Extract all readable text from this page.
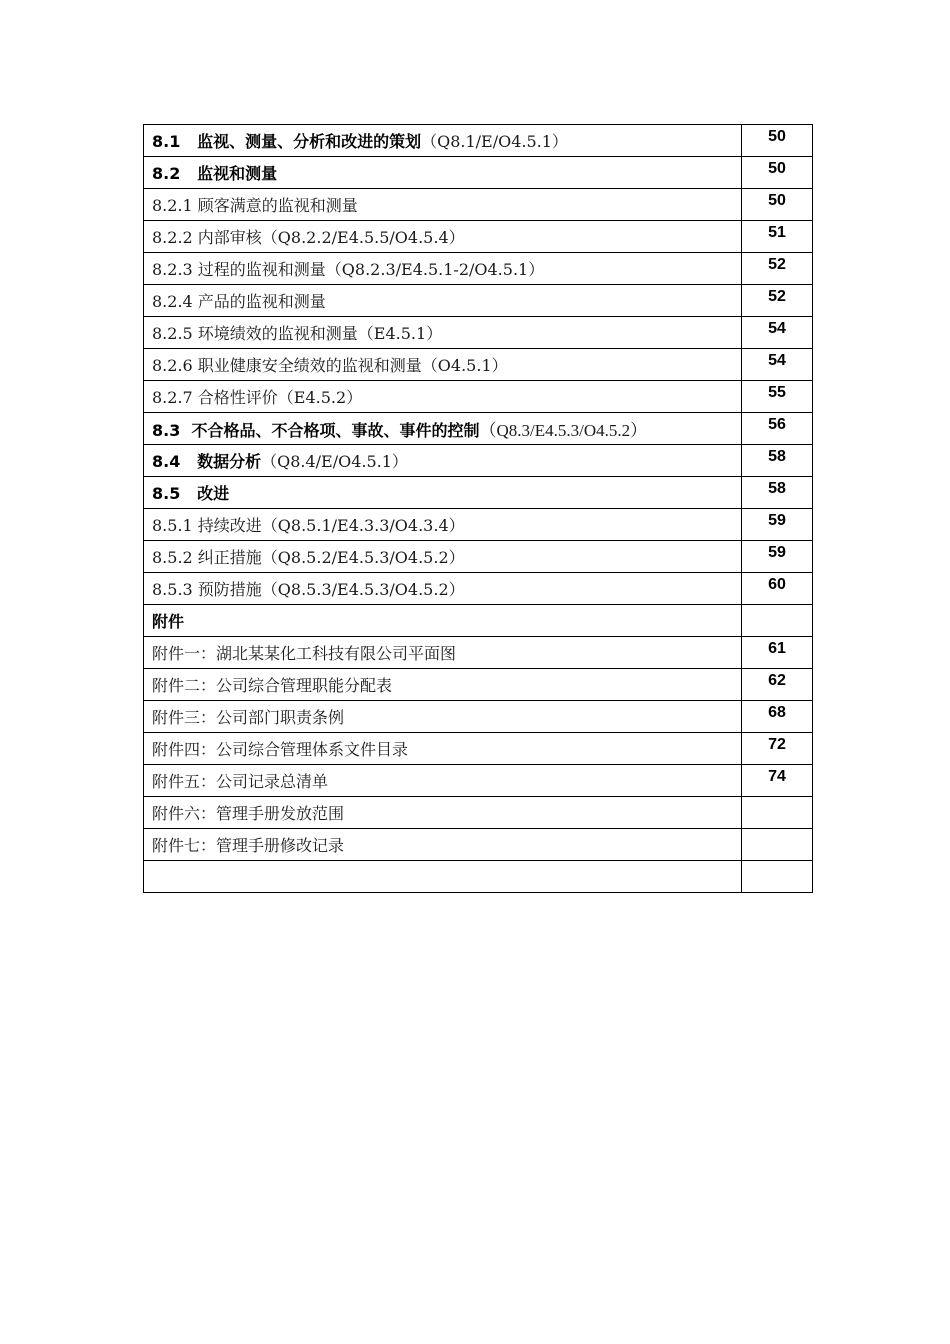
8.1 监视、测量、分析和改进的策划（Q8.1/E/O4.5.1）	50
8.2 监视和测量	50
8.2.1 顾客满意的监视和测量	50
8.2.2 内部审核（Q8.2.2/E4.5.5/O4.5.4）	51
8.2.3 过程的监视和测量（Q8.2.3/E4.5.1-2/O4.5.1）	52
8.2.4 产品的监视和测量	52
8.2.5 环境绩效的监视和测量（E4.5.1）	54
8.2.6 职业健康安全绩效的监视和测量（O4.5.1）	54
8.2.7 合格性评价（E4.5.2）	55
8.3 不合格品、不合格项、事故、事件的控制（Q8.3/E4.5.3/O4.5.2）	56
8.4 数据分析（Q8.4/E/O4.5.1）	58
8.5 改进	58
8.5.1 持续改进（Q8.5.1/E4.3.3/O4.3.4）	59
8.5.2 纠正措施（Q8.5.2/E4.5.3/O4.5.2）	59
8.5.3 预防措施（Q8.5.3/E4.5.3/O4.5.2）	60
附件	
附件一：湖北某某化工科技有限公司平面图	61
附件二：公司综合管理职能分配表	62
附件三：公司部门职责条例	68
附件四：公司综合管理体系文件目录	72
附件五：公司记录总清单	74
附件六：管理手册发放范围	
附件七：管理手册修改记录	
